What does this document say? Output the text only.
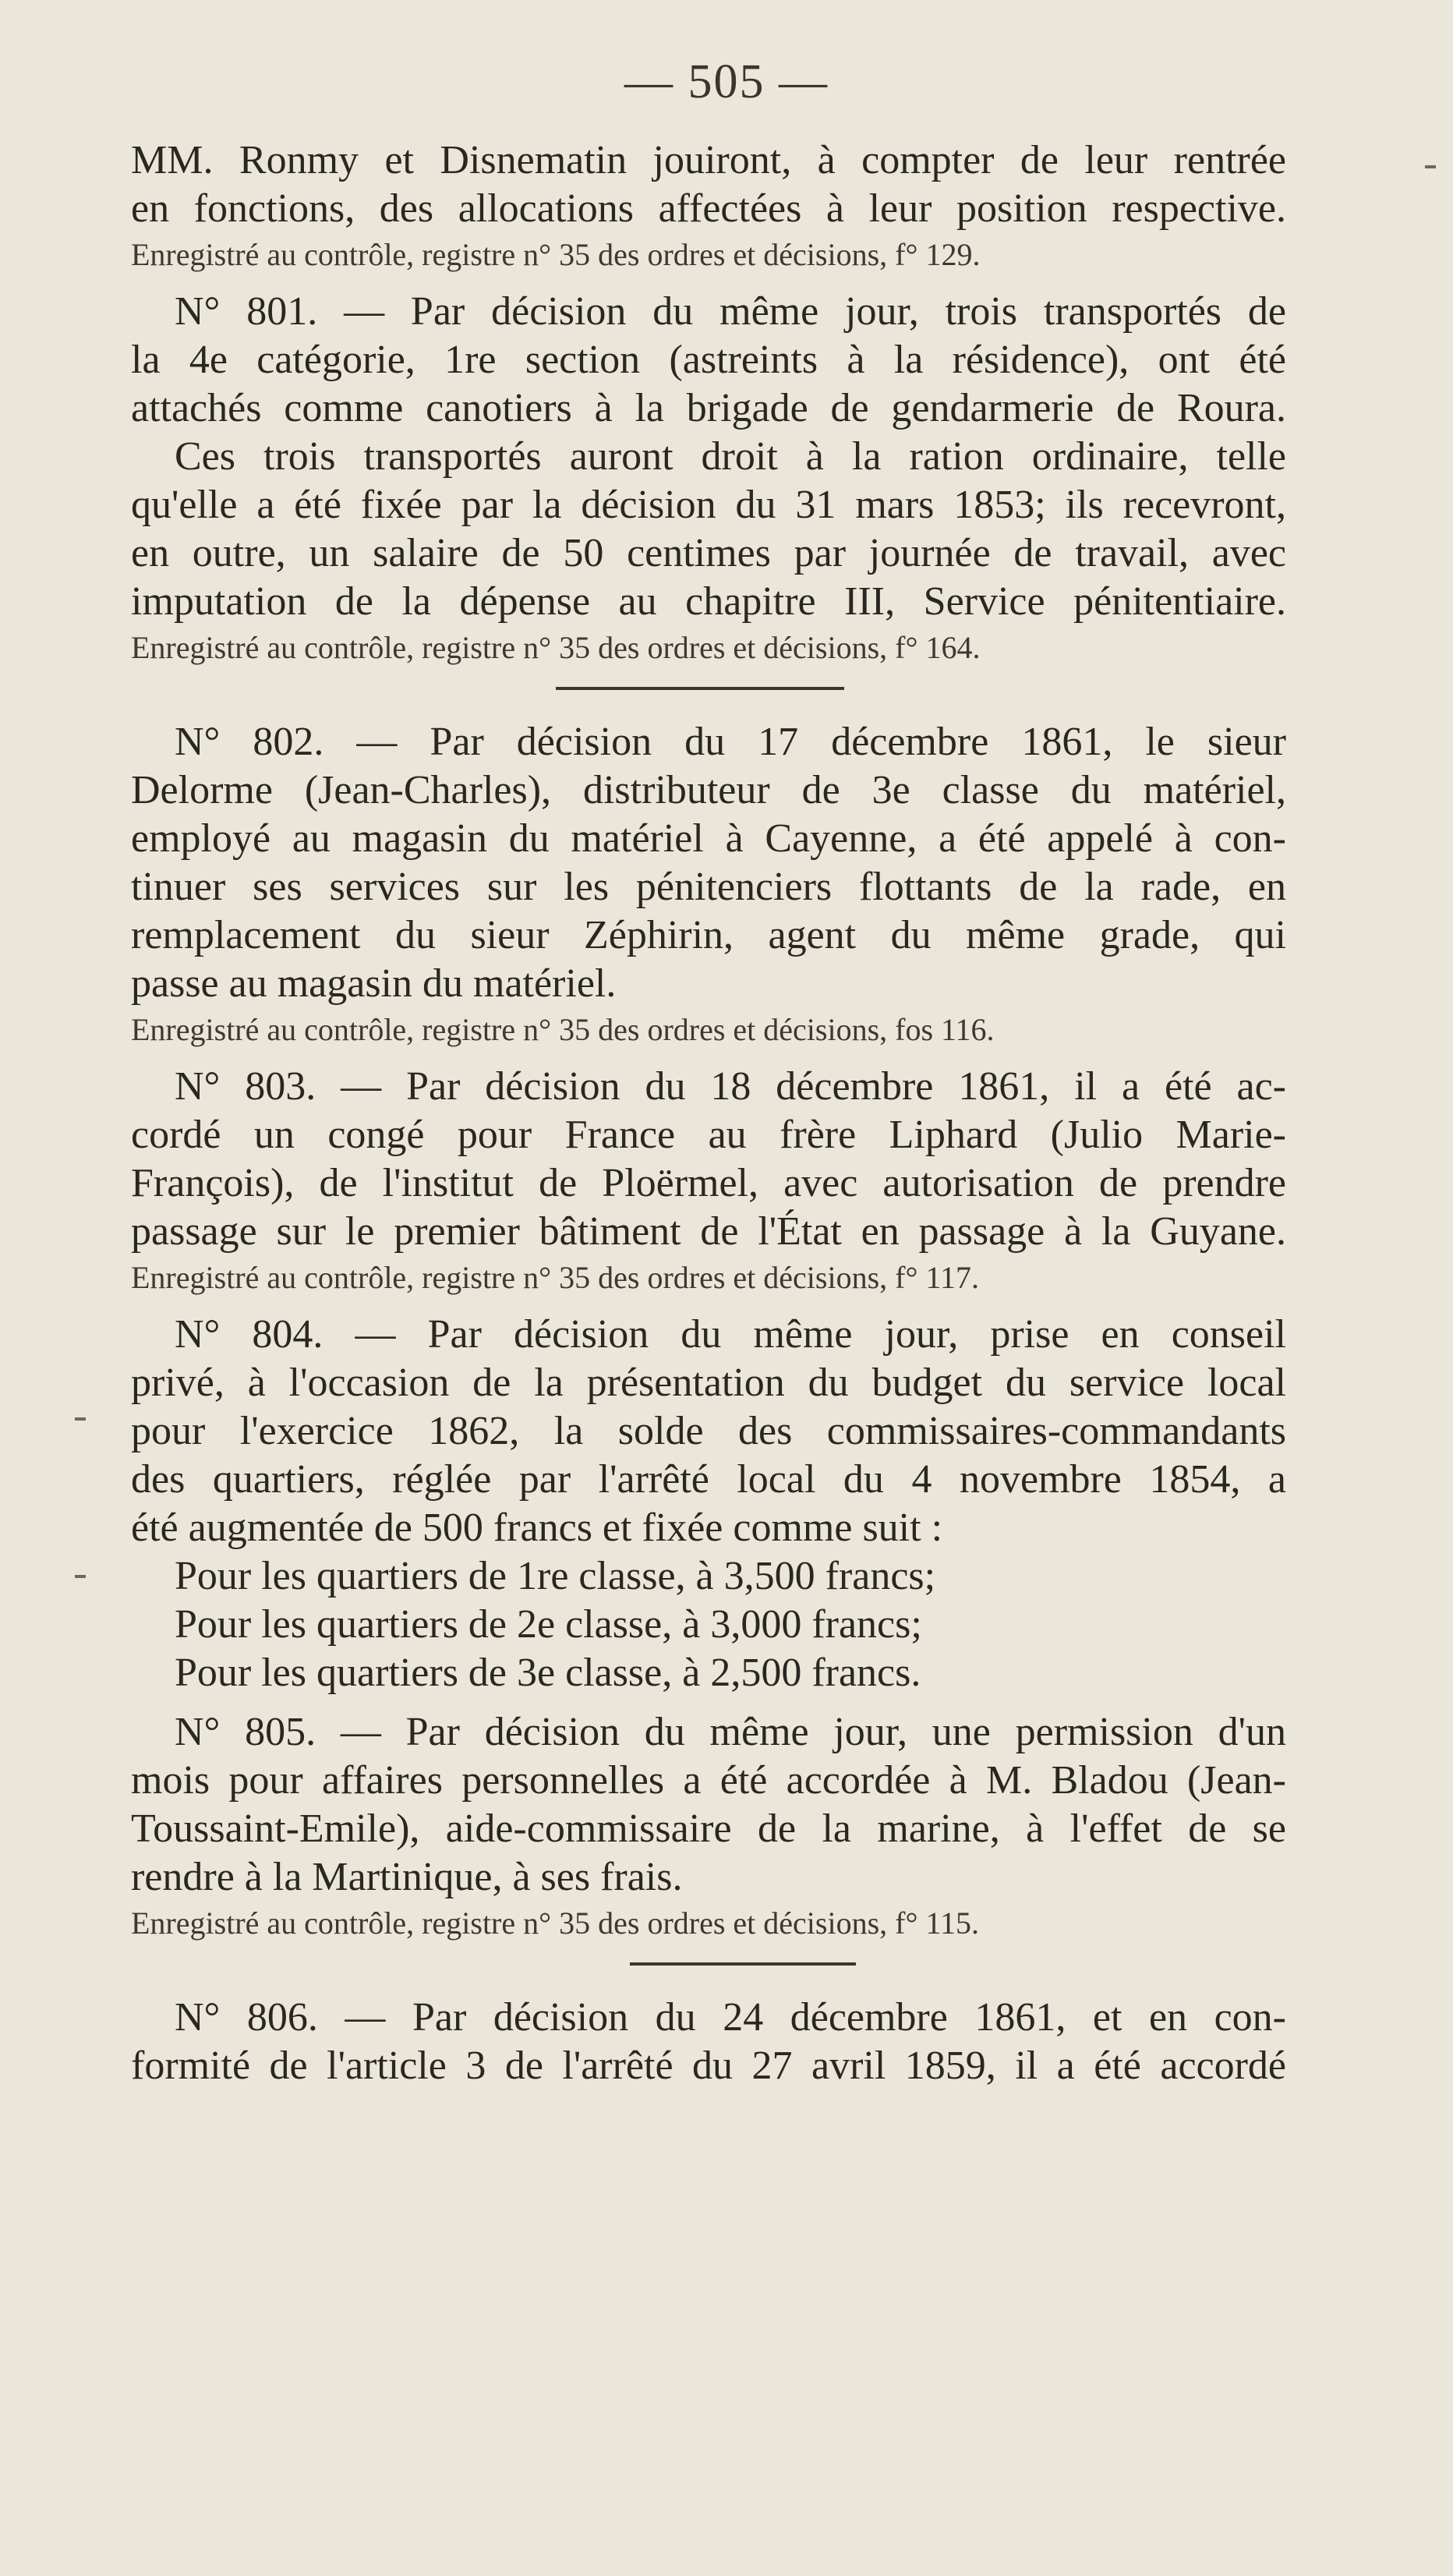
— 505 —
MM. Ronmy et Disnematin jouiront, à compter de leur rentrée
en fonctions, des allocations affectées à leur position respective.
Enregistré au contrôle, registre n° 35 des ordres et décisions, f° 129.
N° 801. — Par décision du même jour, trois transportés de
la 4e catégorie, 1re section (astreints à la résidence), ont été
attachés comme canotiers à la brigade de gendarmerie de Roura.
Ces trois transportés auront droit à la ration ordinaire, telle
qu'elle a été fixée par la décision du 31 mars 1853; ils recevront,
en outre, un salaire de 50 centimes par journée de travail, avec
imputation de la dépense au chapitre III, Service pénitentiaire.
Enregistré au contrôle, registre n° 35 des ordres et décisions, f° 164.
N° 802. — Par décision du 17 décembre 1861, le sieur
Delorme (Jean-Charles), distributeur de 3e classe du matériel,
employé au magasin du matériel à Cayenne, a été appelé à con-
tinuer ses services sur les pénitenciers flottants de la rade, en
remplacement du sieur Zéphirin, agent du même grade, qui
passe au magasin du matériel.
Enregistré au contrôle, registre n° 35 des ordres et décisions, fos 116.
N° 803. — Par décision du 18 décembre 1861, il a été ac-
cordé un congé pour France au frère Liphard (Julio Marie-
François), de l'institut de Ploërmel, avec autorisation de prendre
passage sur le premier bâtiment de l'État en passage à la Guyane.
Enregistré au contrôle, registre n° 35 des ordres et décisions, f° 117.
N° 804. — Par décision du même jour, prise en conseil
privé, à l'occasion de la présentation du budget du service local
pour l'exercice 1862, la solde des commissaires-commandants
des quartiers, réglée par l'arrêté local du 4 novembre 1854, a
été augmentée de 500 francs et fixée comme suit :
Pour les quartiers de 1re classe, à 3,500 francs;
Pour les quartiers de 2e classe, à 3,000 francs;
Pour les quartiers de 3e classe, à 2,500 francs.
N° 805. — Par décision du même jour, une permission d'un
mois pour affaires personnelles a été accordée à M. Bladou (Jean-
Toussaint-Emile), aide-commissaire de la marine, à l'effet de se
rendre à la Martinique, à ses frais.
Enregistré au contrôle, registre n° 35 des ordres et décisions, f° 115.
N° 806. — Par décision du 24 décembre 1861, et en con-
formité de l'article 3 de l'arrêté du 27 avril 1859, il a été accordé
